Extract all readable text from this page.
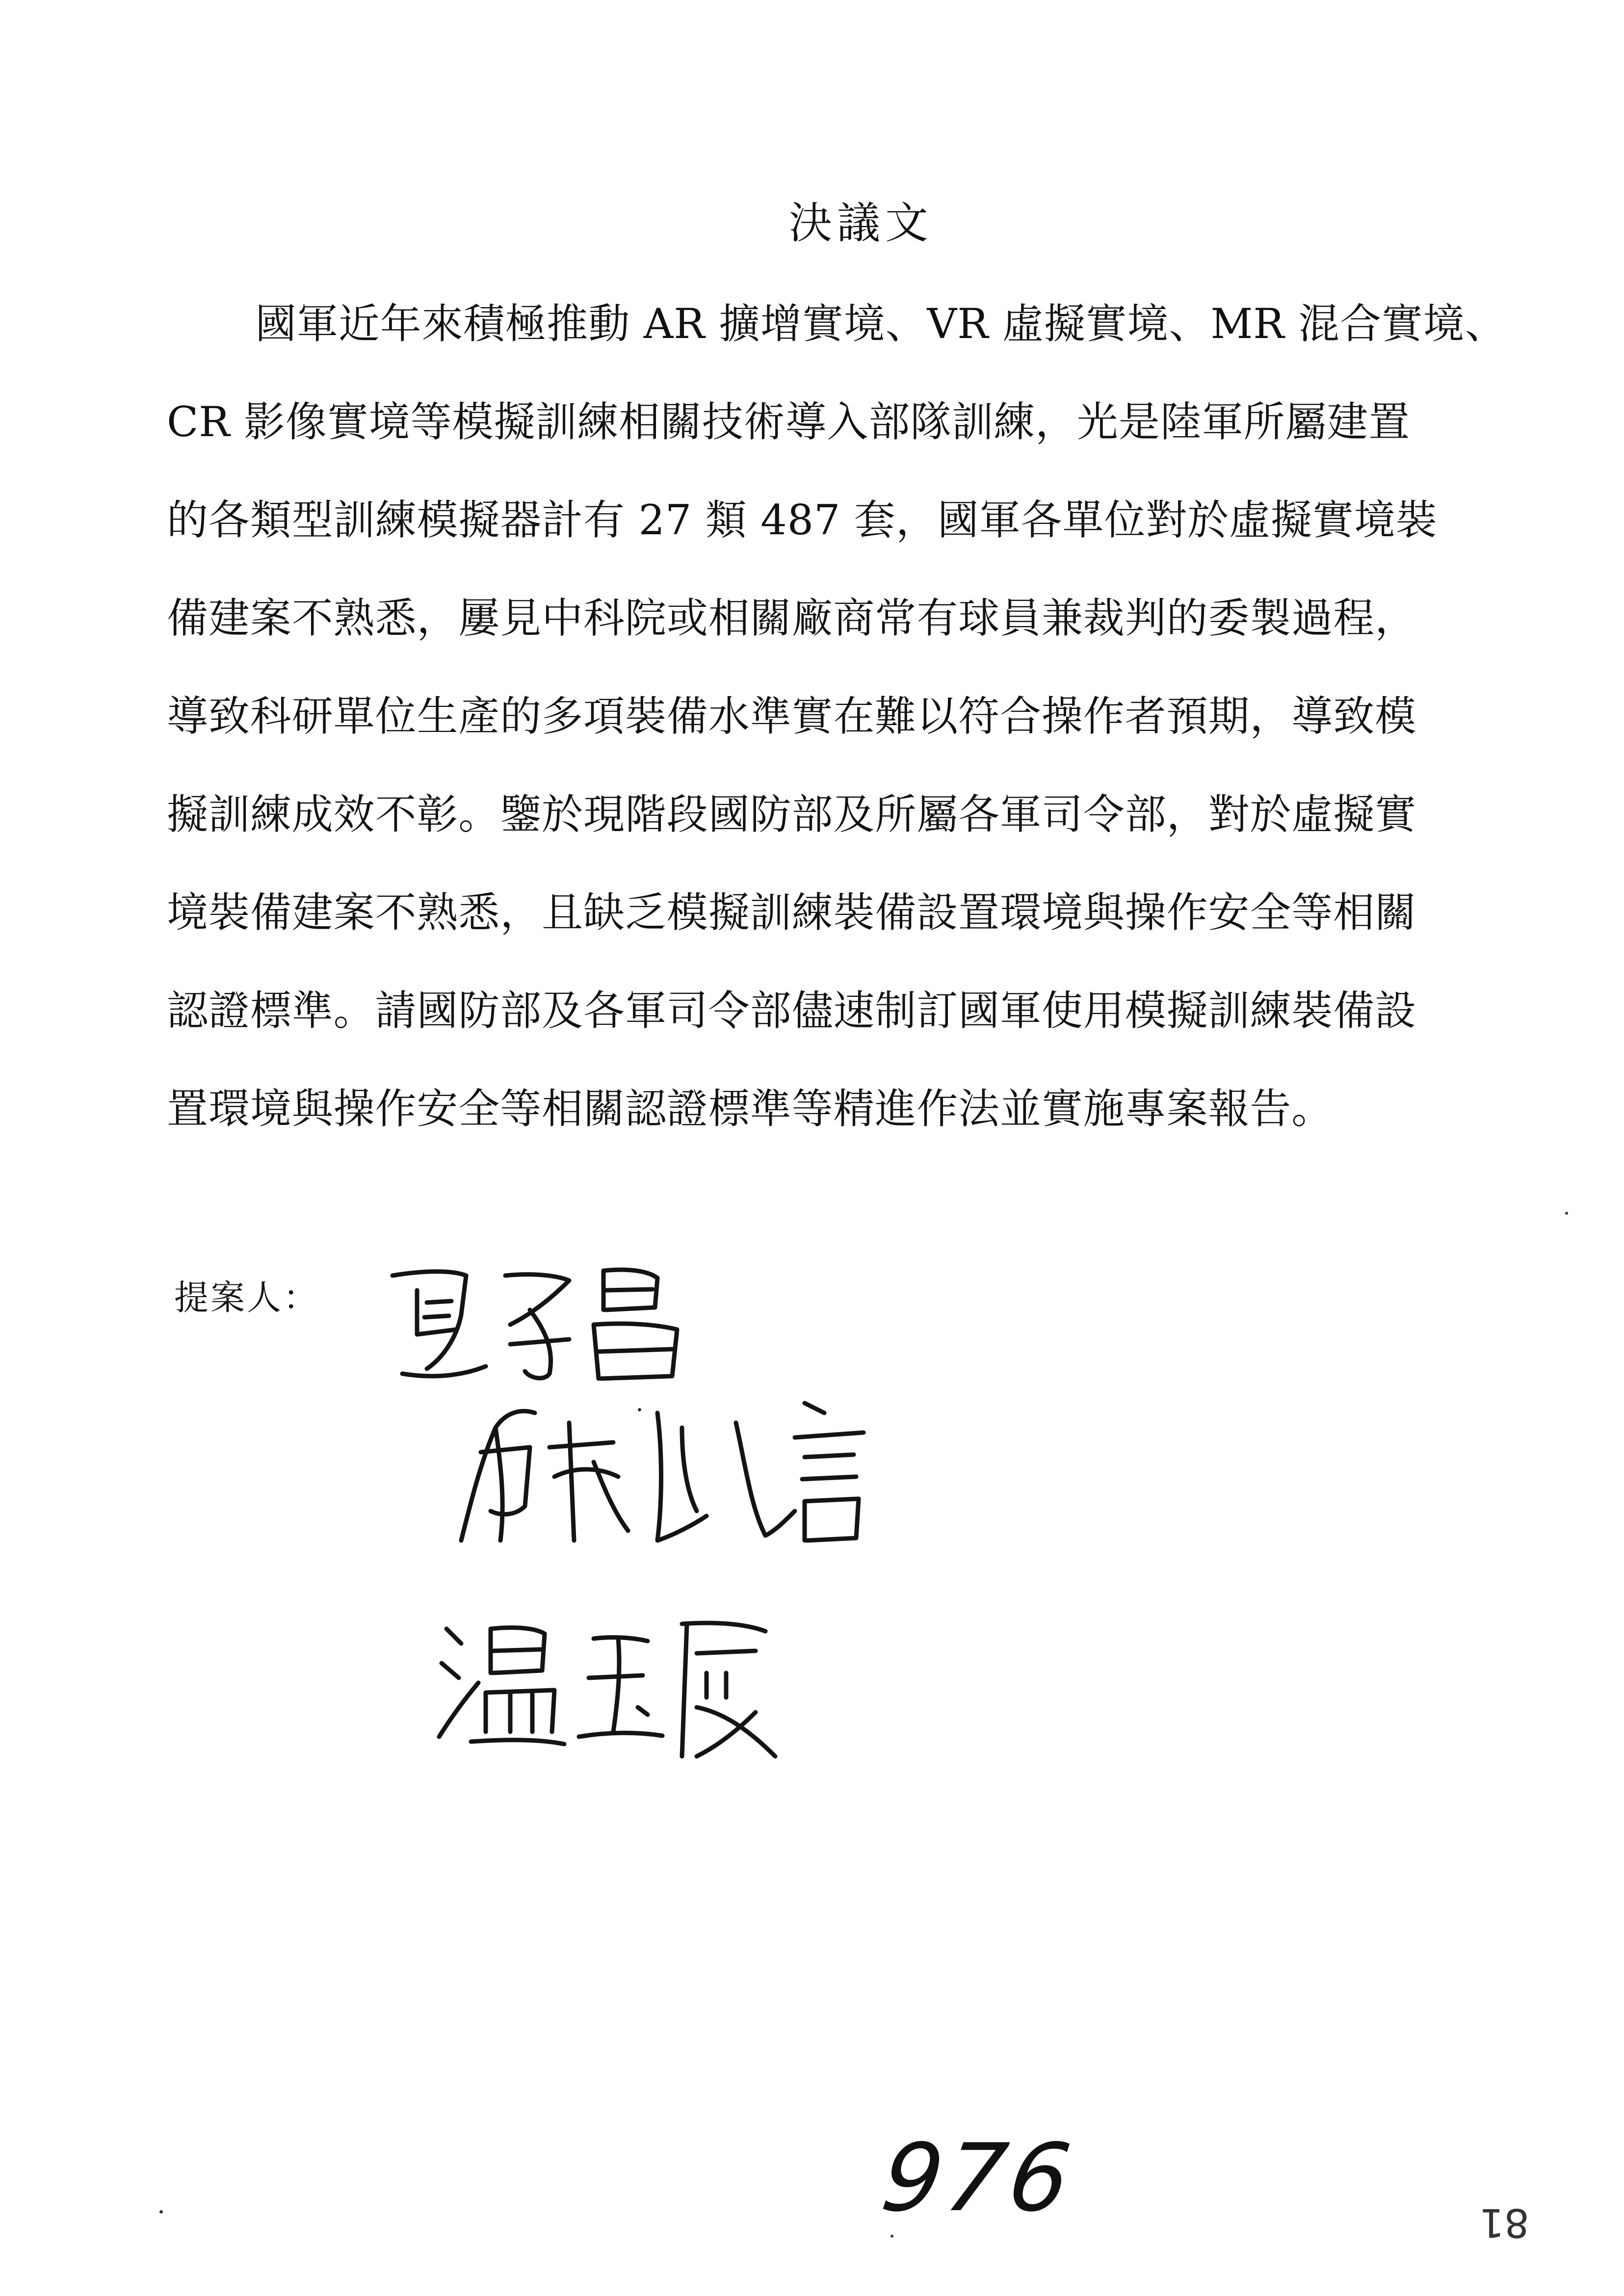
決議文
國軍近年來積極推動 AR 擴增實境、VR 虛擬實境、MR 混合實境、
CR 影像實境等模擬訓練相關技術導入部隊訓練，光是陸軍所屬建置
的各類型訓練模擬器計有 27 類 487 套，國軍各單位對於虛擬實境裝
備建案不熟悉，屢見中科院或相關廠商常有球員兼裁判的委製過程，
導致科研單位生產的多項裝備水準實在難以符合操作者預期，導致模
擬訓練成效不彰。鑒於現階段國防部及所屬各軍司令部，對於虛擬實
境裝備建案不熟悉，且缺乏模擬訓練裝備設置環境與操作安全等相關
認證標準。請國防部及各軍司令部儘速制訂國軍使用模擬訓練裝備設
置環境與操作安全等相關認證標準等精進作法並實施專案報告。
提案人：
976	81
